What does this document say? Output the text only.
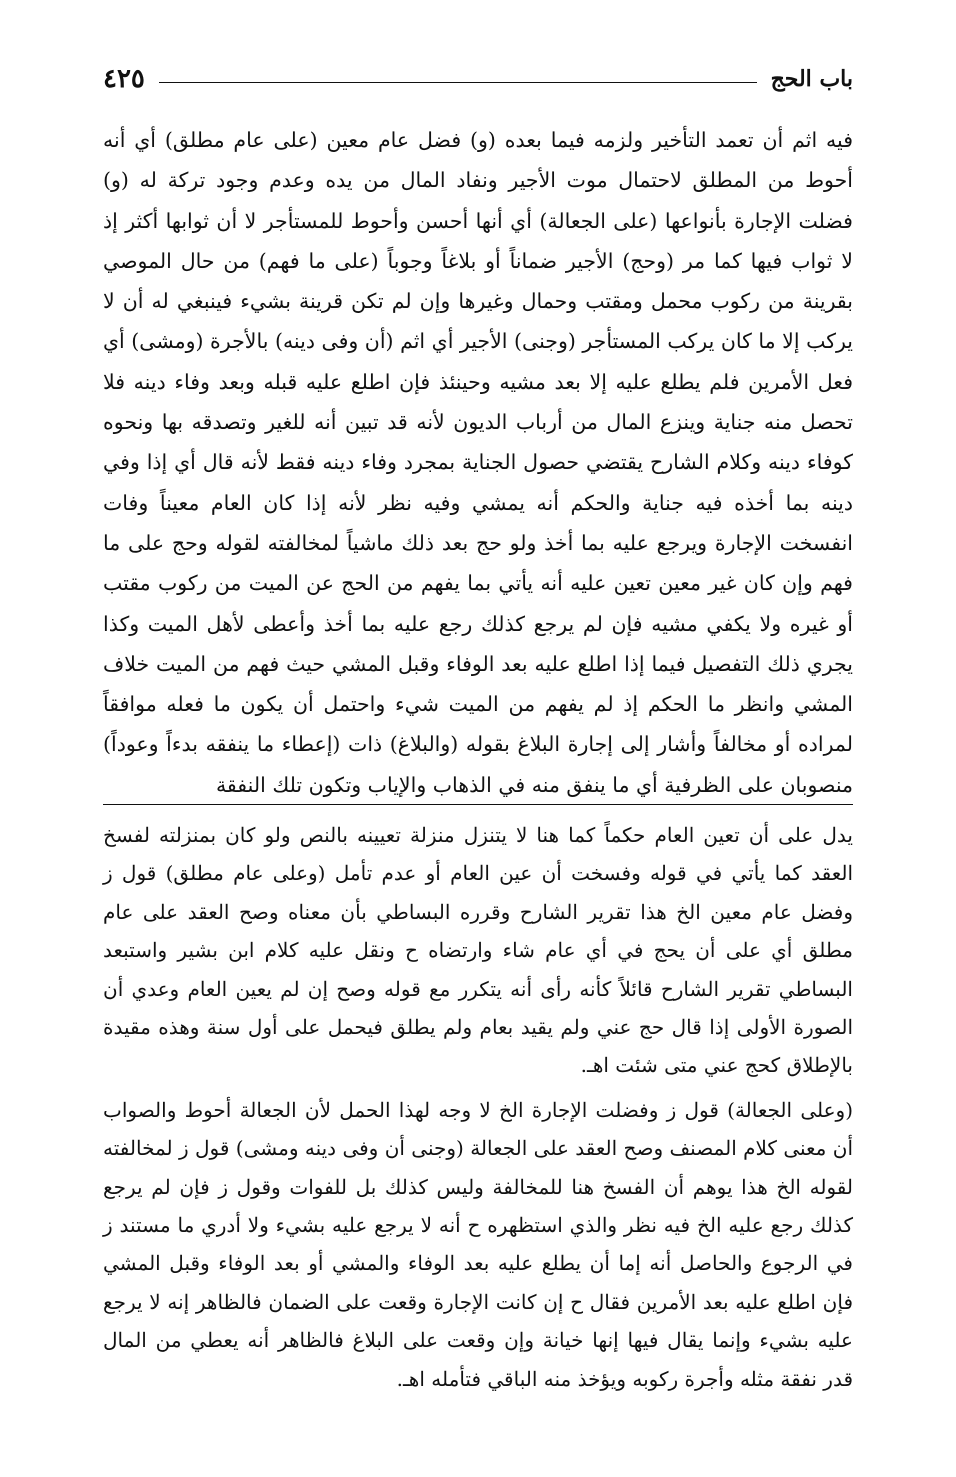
باب الحج
٤٢٥

فيه اثم أن تعمد التأخير ولزمه فيما بعده (و) فضل عام معين (على عام مطلق) أي أنه أحوط من المطلق لاحتمال موت الأجير ونفاد المال من يده وعدم وجود تركة له (و) فضلت الإجارة بأنواعها (على الجعالة) أي أنها أحسن وأحوط للمستأجر لا أن ثوابها أكثر إذ لا ثواب فيها كما مر (وحج) الأجير ضماناً أو بلاغاً وجوباً (على ما فهم) من حال الموصي بقرينة من ركوب محمل ومقتب وحمال وغيرها وإن لم تكن قرينة بشيء فينبغي له أن لا يركب إلا ما كان يركب المستأجر (وجنى) الأجير أي اثم (أن وفى دينه) بالأجرة (ومشى) أي فعل الأمرين فلم يطلع عليه إلا بعد مشيه وحينئذ فإن اطلع عليه قبله وبعد وفاء دينه فلا تحصل منه جناية وينزع المال من أرباب الديون لأنه قد تبين أنه للغير وتصدقه بها ونحوه كوفاء دينه وكلام الشارح يقتضي حصول الجناية بمجرد وفاء دينه فقط لأنه قال أي إذا وفي دينه بما أخذه فيه جناية والحكم أنه يمشي وفيه نظر لأنه إذا كان العام معيناً وفات انفسخت الإجارة ويرجع عليه بما أخذ ولو حج بعد ذلك ماشياً لمخالفته لقوله وحج على ما فهم وإن كان غير معين تعين عليه أنه يأتي بما يفهم من الحج عن الميت من ركوب مقتب أو غيره ولا يكفي مشيه فإن لم يرجع كذلك رجع عليه بما أخذ وأعطى لأهل الميت وكذا يجري ذلك التفصيل فيما إذا اطلع عليه بعد الوفاء وقبل المشي حيث فهم من الميت خلاف المشي وانظر ما الحكم إذ لم يفهم من الميت شيء واحتمل أن يكون ما فعله موافقاً لمراده أو مخالفاً وأشار إلى إجارة البلاغ بقوله (والبلاغ) ذات (إعطاء ما ينفقه بدءاً وعوداً) منصوبان على الظرفية أي ما ينفق منه في الذهاب والإياب وتكون تلك النفقة

يدل على أن تعين العام حكماً كما هنا لا يتنزل منزلة تعيينه بالنص ولو كان بمنزلته لفسخ العقد كما يأتي في قوله وفسخت أن عين العام أو عدم تأمل (وعلى عام مطلق) قول ز وفضل عام معين الخ هذا تقرير الشارح وقرره البساطي بأن معناه وصح العقد على عام مطلق أي على أن يحج في أي عام شاء وارتضاه ح ونقل عليه كلام ابن بشير واستبعد البساطي تقرير الشارح قائلاً كأنه رأى أنه يتكرر مع قوله وصح إن لم يعين العام وعدي أن الصورة الأولى إذا قال حج عني ولم يقيد بعام ولم يطلق فيحمل على أول سنة وهذه مقيدة بالإطلاق كحج عني متى شئت اهـ.

(وعلى الجعالة) قول ز وفضلت الإجارة الخ لا وجه لهذا الحمل لأن الجعالة أحوط والصواب أن معنى كلام المصنف وصح العقد على الجعالة (وجنى أن وفى دينه ومشى) قول ز لمخالفته لقوله الخ هذا يوهم أن الفسخ هنا للمخالفة وليس كذلك بل للفوات وقول ز فإن لم يرجع كذلك رجع عليه الخ فيه نظر والذي استظهره ح أنه لا يرجع عليه بشيء ولا أدري ما مستند ز في الرجوع والحاصل أنه إما أن يطلع عليه بعد الوفاء والمشي أو بعد الوفاء وقبل المشي فإن اطلع عليه بعد الأمرين فقال ح إن كانت الإجارة وقعت على الضمان فالظاهر إنه لا يرجع عليه بشيء وإنما يقال فيها إنها خيانة وإن وقعت على البلاغ فالظاهر أنه يعطي من المال قدر نفقة مثله وأجرة ركوبه ويؤخذ منه الباقي فتأمله اهـ.
